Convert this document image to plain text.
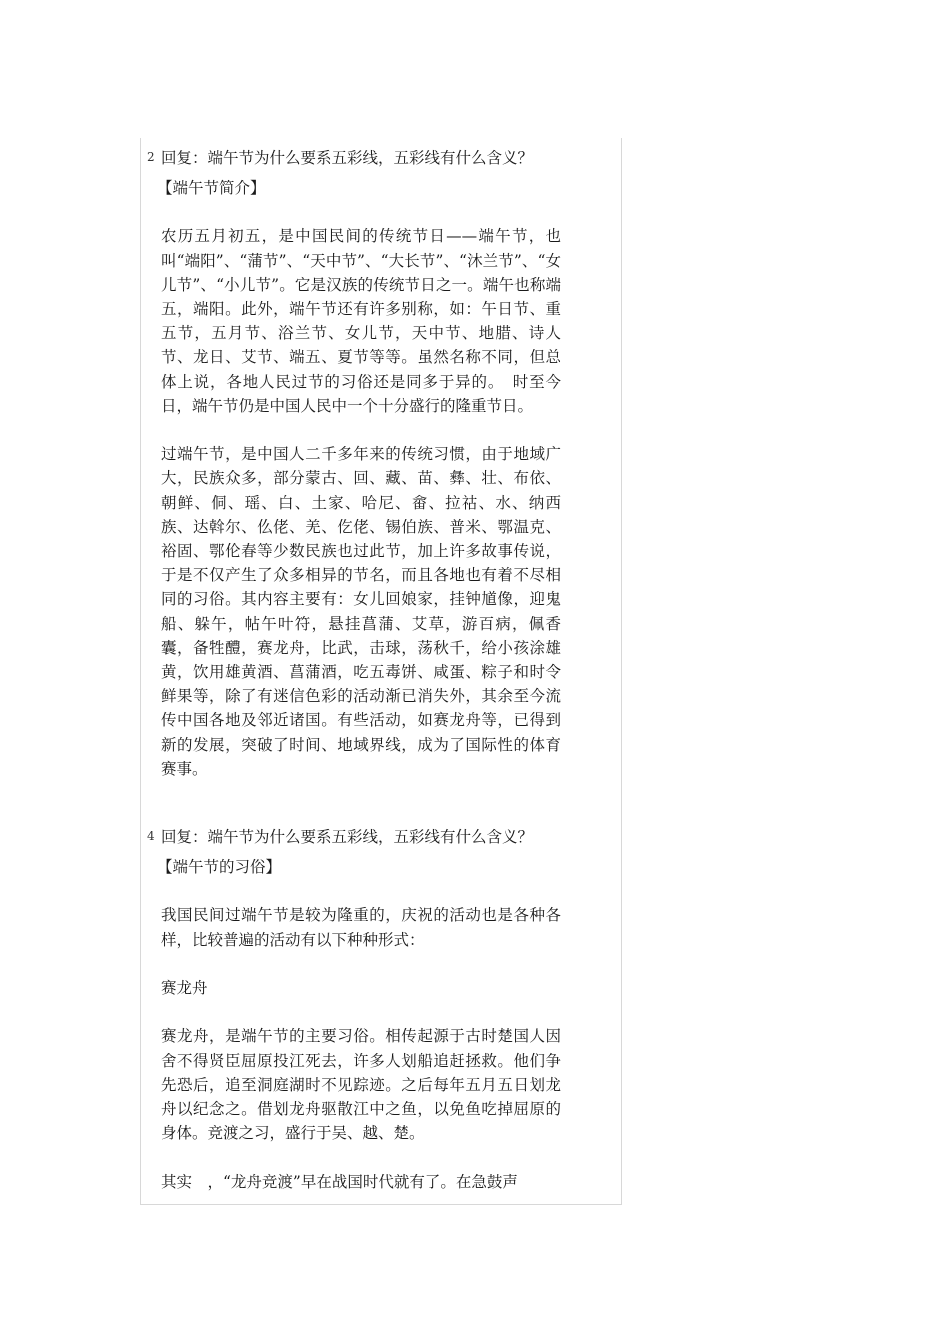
2 回复：端午节为什么要系五彩线，五彩线有什么含义？

【端午节简介】

农历五月初五，是中国民间的传统节日——端午节，也叫“端阳”、“蒲节”、“天中节”、“大长节”、“沐兰节”、“女儿节”、“小儿节”。它是汉族的传统节日之一。端午也称端五，端阳。此外，端午节还有许多别称，如：午日节、重五节，五月节、浴兰节、女儿节，天中节、地腊、诗人节、龙日、艾节、端五、夏节等等。虽然名称不同，但总体上说，各地人民过节的习俗还是同多于异的。　时至今日，端午节仍是中国人民中一个十分盛行的隆重节日。

过端午节，是中国人二千多年来的传统习惯，由于地域广大，民族众多，部分蒙古、回、藏、苗、彝、壮、布依、朝鲜、侗、瑶、白、土家、哈尼、畲、拉祜、水、纳西族、达斡尔、仫佬、羌、仡佬、锡伯族、普米、鄂温克、裕固、鄂伦春等少数民族也过此节，加上许多故事传说，于是不仅产生了众多相异的节名，而且各地也有着不尽相同的习俗。其内容主要有：女儿回娘家，挂钟馗像，迎鬼船、躲午，帖午叶符，悬挂菖蒲、艾草，游百病，佩香囊，备牲醴，赛龙舟，比武，击球，荡秋千，给小孩涂雄黄，饮用雄黄酒、菖蒲酒，吃五毒饼、咸蛋、粽子和时令鲜果等，除了有迷信色彩的活动渐已消失外，其余至今流传中国各地及邻近诸国。有些活动，如赛龙舟等，已得到新的发展，突破了时间、地域界线，成为了国际性的体育赛事。

4 回复：端午节为什么要系五彩线，五彩线有什么含义？

【端午节的习俗】

我国民间过端午节是较为隆重的，庆祝的活动也是各种各样，比较普遍的活动有以下种种形式：

赛龙舟

赛龙舟，是端午节的主要习俗。相传起源于古时楚国人因舍不得贤臣屈原投江死去，许多人划船追赶拯救。他们争先恐后，追至洞庭湖时不见踪迹。之后每年五月五日划龙舟以纪念之。借划龙舟驱散江中之鱼，以免鱼吃掉屈原的身体。竞渡之习，盛行于吴、越、楚。

其实　，“龙舟竞渡”早在战国时代就有了。在急鼓声
